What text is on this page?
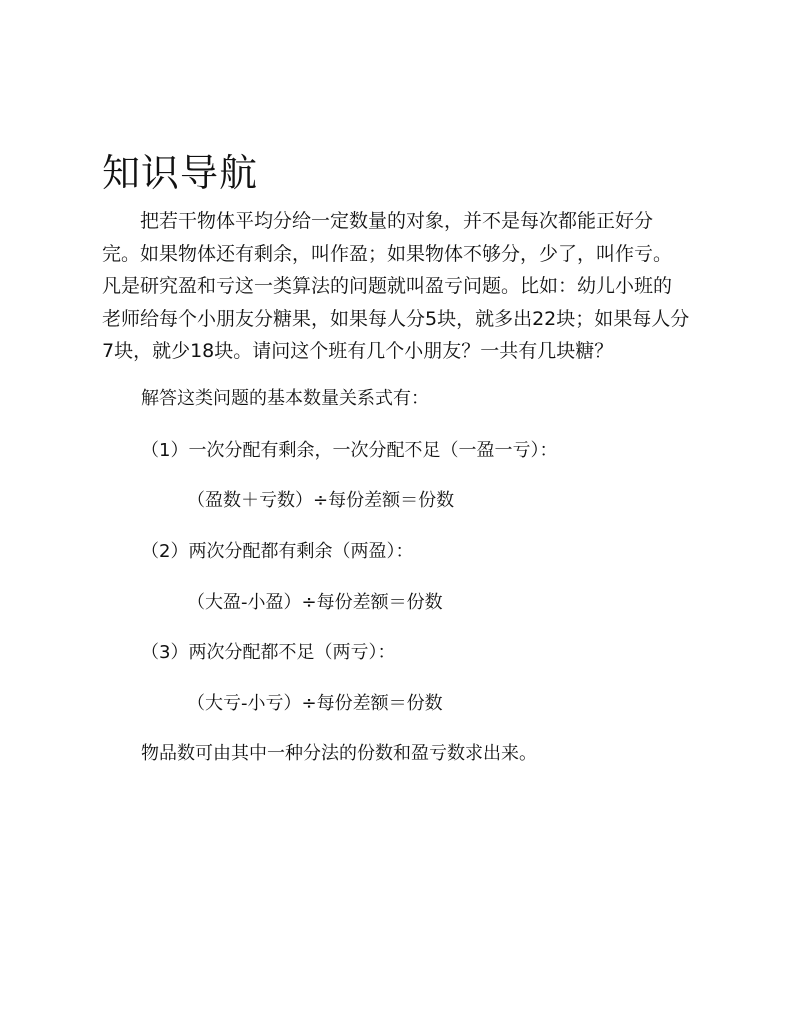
知识导航
把若干物体平均分给一定数量的对象，并不是每次都能正好分
完。如果物体还有剩余，叫作盈；如果物体不够分，少了，叫作亏。
凡是研究盈和亏这一类算法的问题就叫盈亏问题。比如：幼儿小班的
老师给每个小朋友分糖果，如果每人分5块，就多出22块；如果每人分
7块，就少18块。请问这个班有几个小朋友？一共有几块糖？
解答这类问题的基本数量关系式有：
（1）一次分配有剩余，一次分配不足（一盈一亏）：
（盈数＋亏数）÷每份差额＝份数
（2）两次分配都有剩余（两盈）：
（大盈-小盈）÷每份差额＝份数
（3）两次分配都不足（两亏）：
（大亏-小亏）÷每份差额＝份数
物品数可由其中一种分法的份数和盈亏数求出来。
